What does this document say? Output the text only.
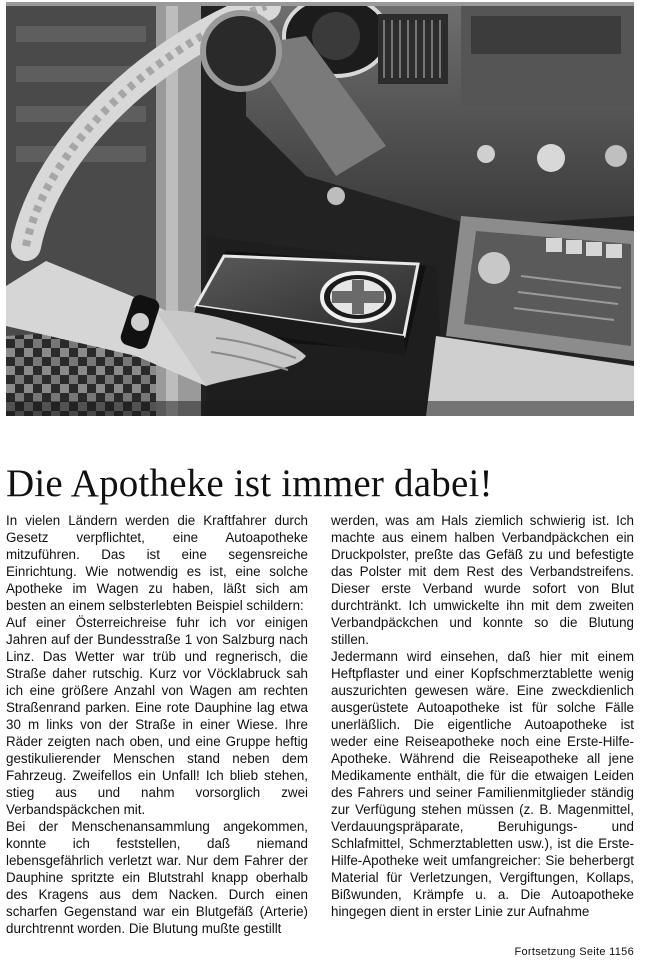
Die Apotheke ist immer dabei!

In vielen Ländern werden die Kraftfahrer durch Gesetz verpflichtet, eine Autoapotheke mitzuführen. Das ist eine segensreiche Einrichtung. Wie notwendig es ist, eine solche Apotheke im Wagen zu haben, läßt sich am besten an einem selbsterlebten Beispiel schildern:

Auf einer Österreichreise fuhr ich vor einigen Jahren auf der Bundesstraße 1 von Salzburg nach Linz. Das Wetter war trüb und regnerisch, die Straße daher rutschig. Kurz vor Vöcklabruck sah ich eine größere Anzahl von Wagen am rechten Straßenrand parken. Eine rote Dauphine lag etwa 30 m links von der Straße in einer Wiese. Ihre Räder zeigten nach oben, und eine Gruppe heftig gestikulierender Menschen stand neben dem Fahrzeug. Zweifellos ein Unfall! Ich blieb stehen, stieg aus und nahm vorsorglich zwei Verbandspäckchen mit.

Bei der Menschenansammlung angekommen, konnte ich feststellen, daß niemand lebensgefährlich verletzt war. Nur dem Fahrer der Dauphine spritzte ein Blutstrahl knapp oberhalb des Kragens aus dem Nacken. Durch einen scharfen Gegenstand war ein Blutgefäß (Arterie) durchtrennt worden. Die Blutung mußte gestillt

werden, was am Hals ziemlich schwierig ist. Ich machte aus einem halben Verbandpäckchen ein Druckpolster, preßte das Gefäß zu und befestigte das Polster mit dem Rest des Verbandstreifens. Dieser erste Verband wurde sofort von Blut durchtränkt. Ich umwickelte ihn mit dem zweiten Verbandpäckchen und konnte so die Blutung stillen.

Jedermann wird einsehen, daß hier mit einem Heftpflaster und einer Kopfschmerztablette wenig auszurichten gewesen wäre. Eine zweckdienlich ausgerüstete Autoapotheke ist für solche Fälle unerläßlich. Die eigentliche Autoapotheke ist weder eine Reiseapotheke noch eine Erste-Hilfe-Apotheke. Während die Reiseapotheke all jene Medikamente enthält, die für die etwaigen Leiden des Fahrers und seiner Familienmitglieder ständig zur Verfügung stehen müssen (z. B. Magenmittel, Verdauungspräparate, Beruhigungs- und Schlafmittel, Schmerztabletten usw.), ist die Erste-Hilfe-Apotheke weit umfangreicher: Sie beherbergt Material für Verletzungen, Vergiftungen, Kollaps, Bißwunden, Krämpfe u. a. Die Autoapotheke hingegen dient in erster Linie zur Aufnahme

Fortsetzung Seite 1156
